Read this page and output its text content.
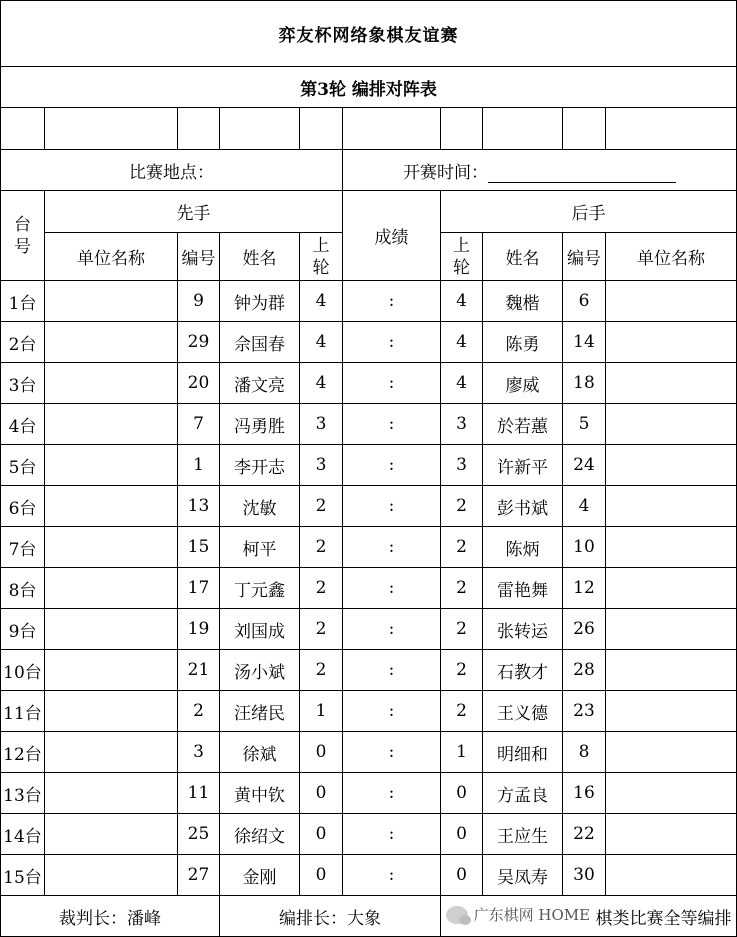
弈友杯网络象棋友谊赛									
第3轮 编排对阵表									

比赛地点：					开赛时间：				
台号	先手				成绩	后手			
	单位名称	编号	姓名	上轮		上轮	姓名	编号	单位名称
1台		9	钟为群	4	:	4	魏楷	6	
2台		29	佘国春	4	:	4	陈勇	14	
3台		20	潘文亮	4	:	4	廖威	18	
4台		7	冯勇胜	3	:	3	於若蕙	5	
5台		1	李开志	3	:	3	许新平	24	
6台		13	沈敏	2	:	2	彭书斌	4	
7台		15	柯平	2	:	2	陈炳	10	
8台		17	丁元鑫	2	:	2	雷艳舞	12	
9台		19	刘国成	2	:	2	张转运	26	
10台		21	汤小斌	2	:	2	石教才	28	
11台		2	汪绪民	1	:	2	王义德	23	
12台		3	徐斌	0	:	1	明细和	8	
13台		11	黄中钦	0	:	0	方孟良	16	
14台		25	徐绍文	0	:	0	王应生	22	
15台		27	金刚	0	:	0	吴凤寿	30	
裁判长：潘峰			编排长：大象			广东棋网 HOME 棋类比赛全等编排			
